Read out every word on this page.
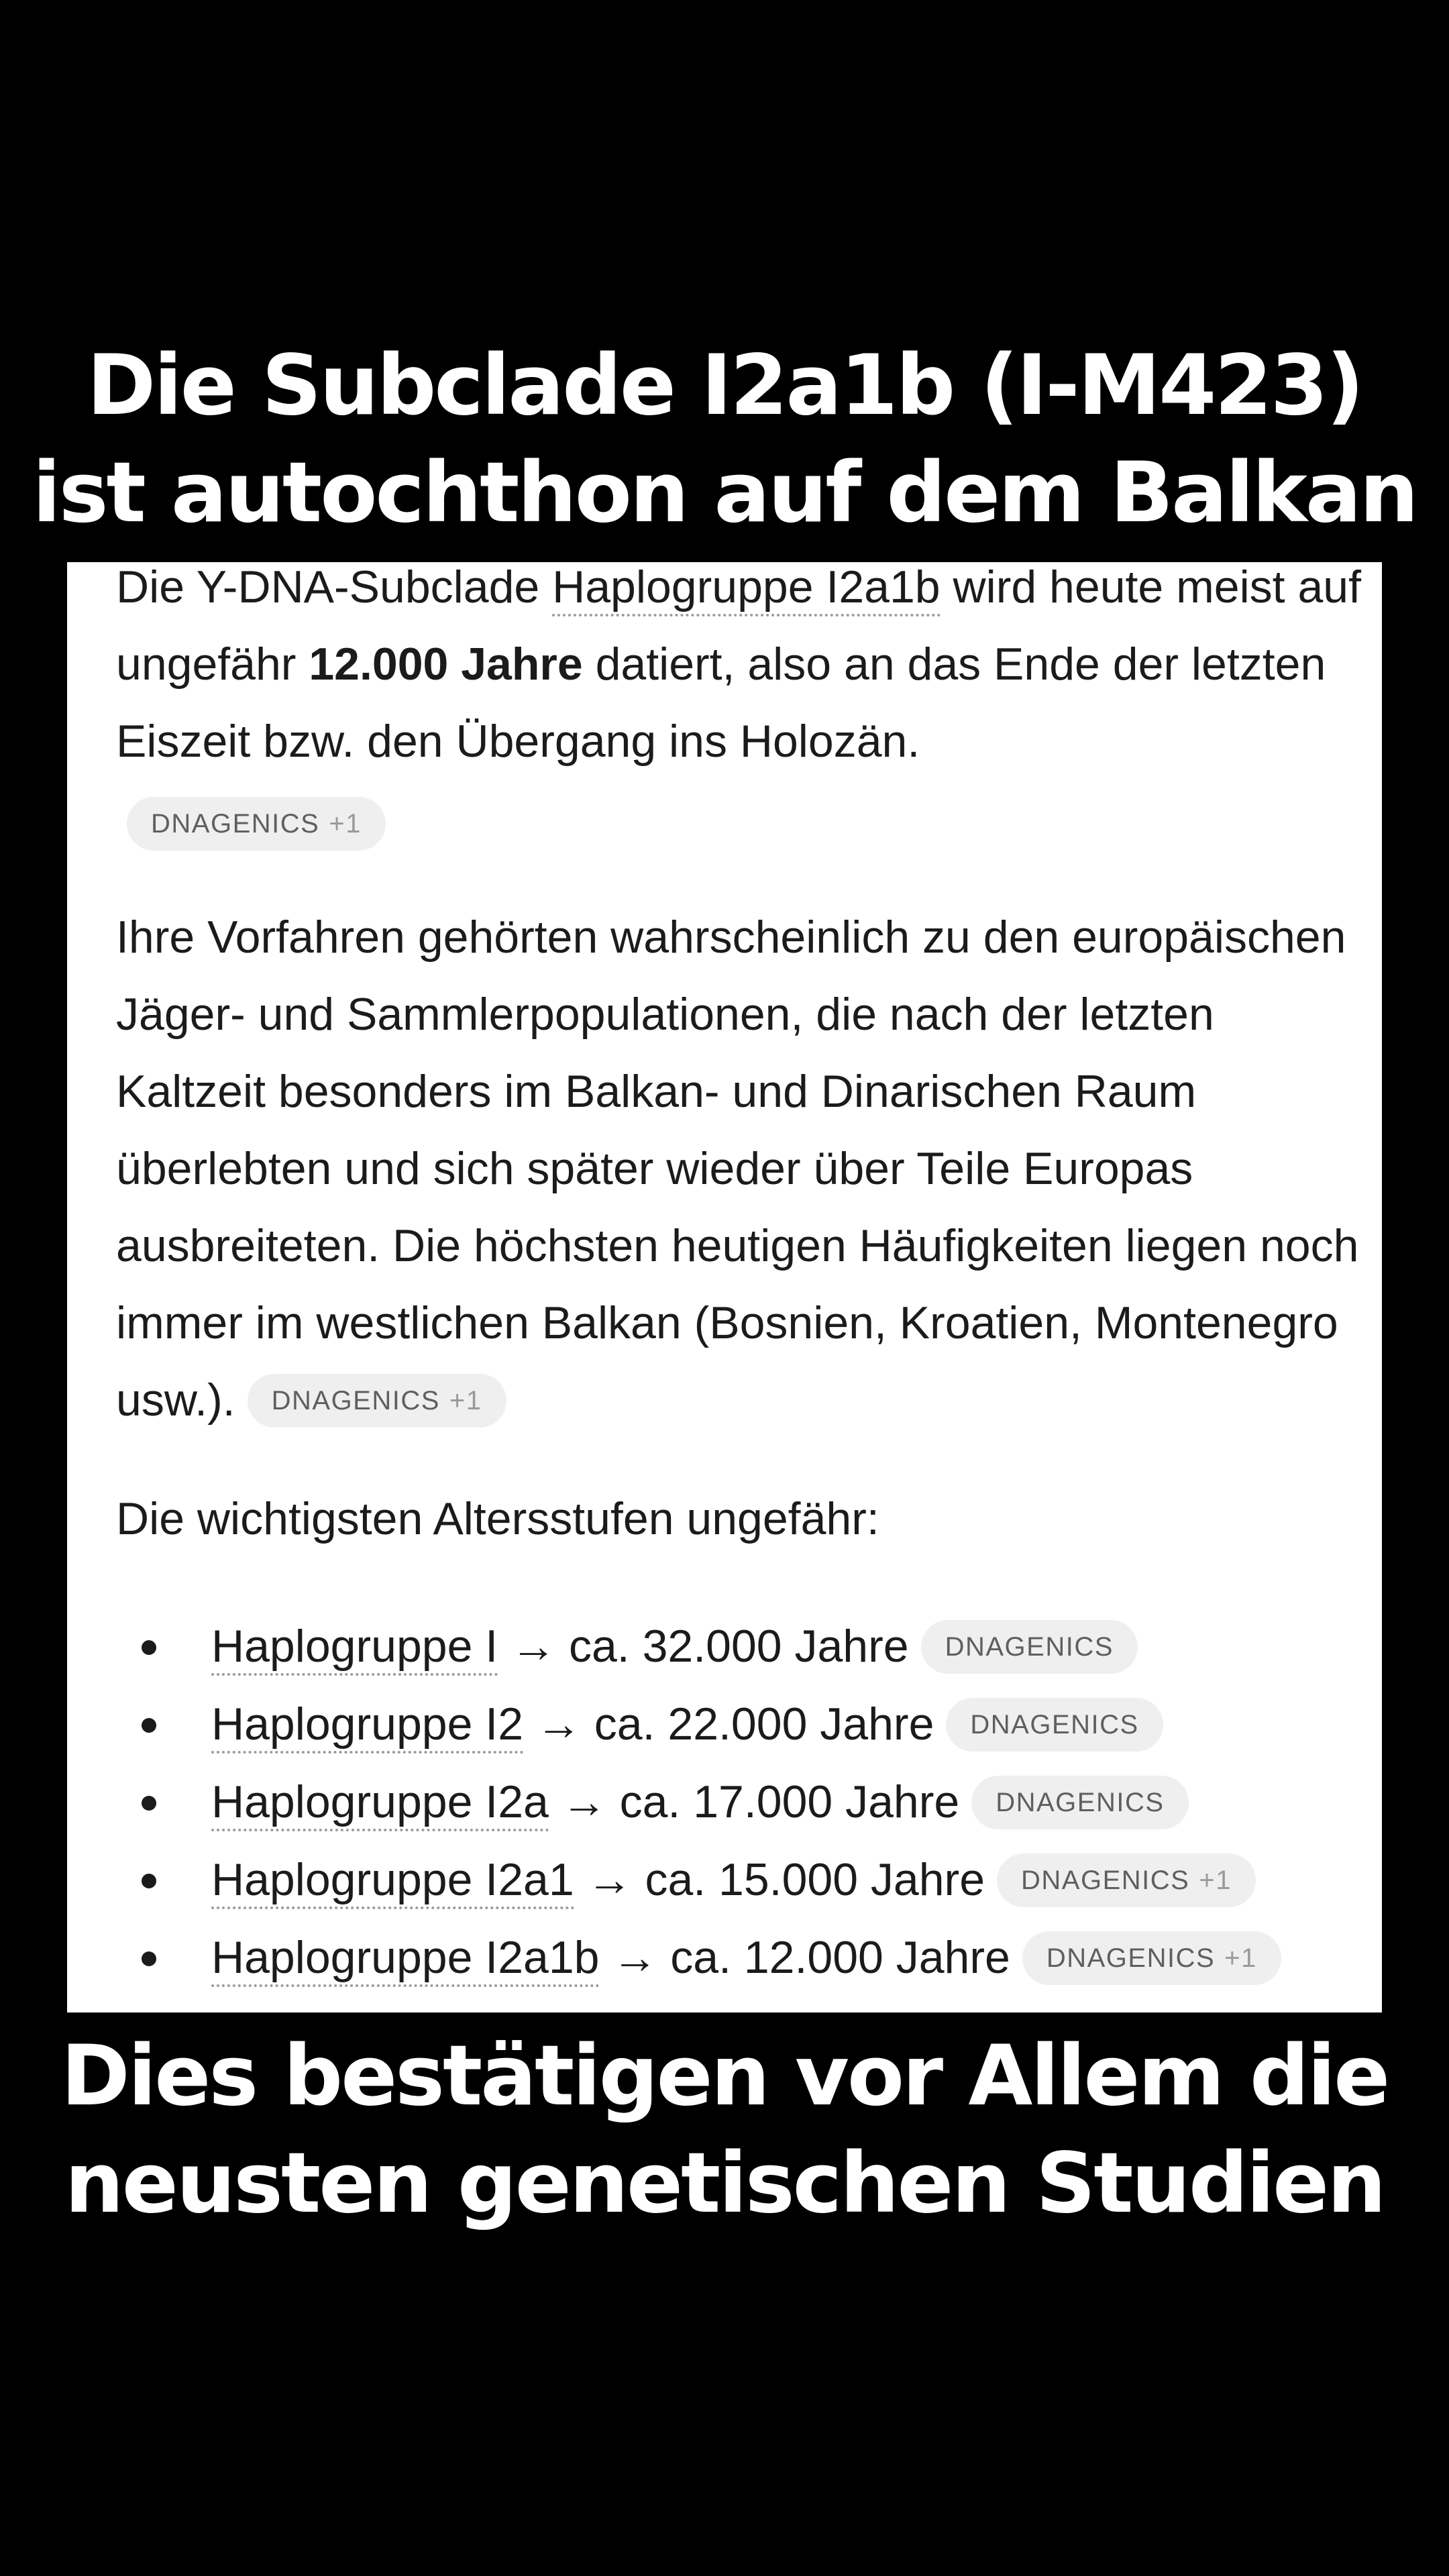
Die Subclade I2a1b (I-M423)
ist autochthon auf dem Balkan

Die Y-DNA-Subclade Haplogruppe I2a1b wird heute meist auf ungefähr 12.000 Jahre datiert, also an das Ende der letzten Eiszeit bzw. den Übergang ins Holozän.
DNAGENICS +1

Ihre Vorfahren gehörten wahrscheinlich zu den europäischen Jäger- und Sammlerpopulationen, die nach der letzten Kaltzeit besonders im Balkan- und Dinarischen Raum überlebten und sich später wieder über Teile Europas ausbreiteten. Die höchsten heutigen Häufigkeiten liegen noch immer im westlichen Balkan (Bosnien, Kroatien, Montenegro usw.). DNAGENICS +1

Die wichtigsten Altersstufen ungefähr:

Haplogruppe I → ca. 32.000 Jahre DNAGENICS
Haplogruppe I2 → ca. 22.000 Jahre DNAGENICS
Haplogruppe I2a → ca. 17.000 Jahre DNAGENICS
Haplogruppe I2a1 → ca. 15.000 Jahre DNAGENICS +1
Haplogruppe I2a1b → ca. 12.000 Jahre DNAGENICS +1
Dies bestätigen vor Allem die
neusten genetischen Studien
